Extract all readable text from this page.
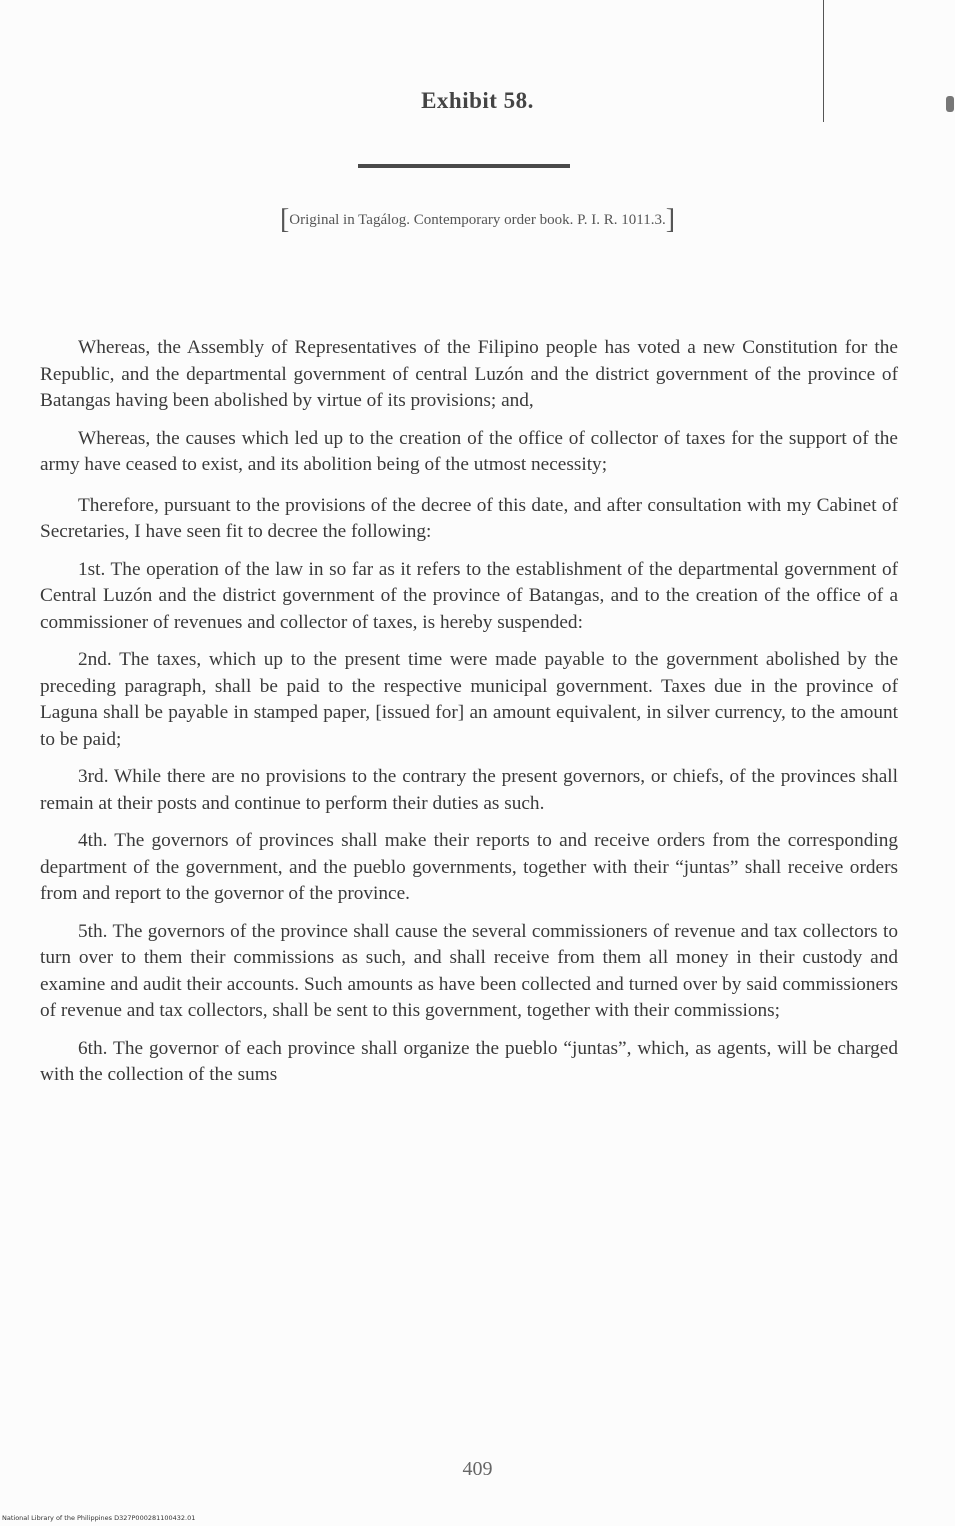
Exhibit 58.
[Original in Tagálog. Contemporary order book. P. I. R. 1011.3.]

Whereas, the Assembly of Representatives of the Filipino people has voted a new Constitution for the Republic, and the departmental government of central Luzón and the district government of the province of Batangas having been abolished by virtue of its provisions; and,

Whereas, the causes which led up to the creation of the office of collector of taxes for the support of the army have ceased to exist, and its abolition being of the utmost necessity;

Therefore, pursuant to the provisions of the decree of this date, and after consultation with my Cabinet of Secretaries, I have seen fit to decree the following:

1st. The operation of the law in so far as it refers to the establishment of the departmental government of Central Luzón and the district government of the province of Batangas, and to the creation of the office of a commissioner of revenues and collector of taxes, is hereby suspended:

2nd. The taxes, which up to the present time were made payable to the government abolished by the preceding paragraph, shall be paid to the respective municipal government. Taxes due in the province of Laguna shall be payable in stamped paper, [issued for] an amount equivalent, in silver currency, to the amount to be paid;

3rd. While there are no provisions to the contrary the present governors, or chiefs, of the provinces shall remain at their posts and continue to perform their duties as such.

4th. The governors of provinces shall make their reports to and receive orders from the corresponding department of the government, and the pueblo governments, together with their “juntas” shall receive orders from and report to the governor of the province.

5th. The governors of the province shall cause the several commissioners of revenue and tax collectors to turn over to them their commissions as such, and shall receive from them all money in their custody and examine and audit their accounts. Such amounts as have been collected and turned over by said commissioners of revenue and tax collectors, shall be sent to this government, together with their commissions;

6th. The governor of each province shall organize the pueblo “juntas”, which, as agents, will be charged with the collection of the sums

409
National Library of the Philippines D327P000281100432.01
